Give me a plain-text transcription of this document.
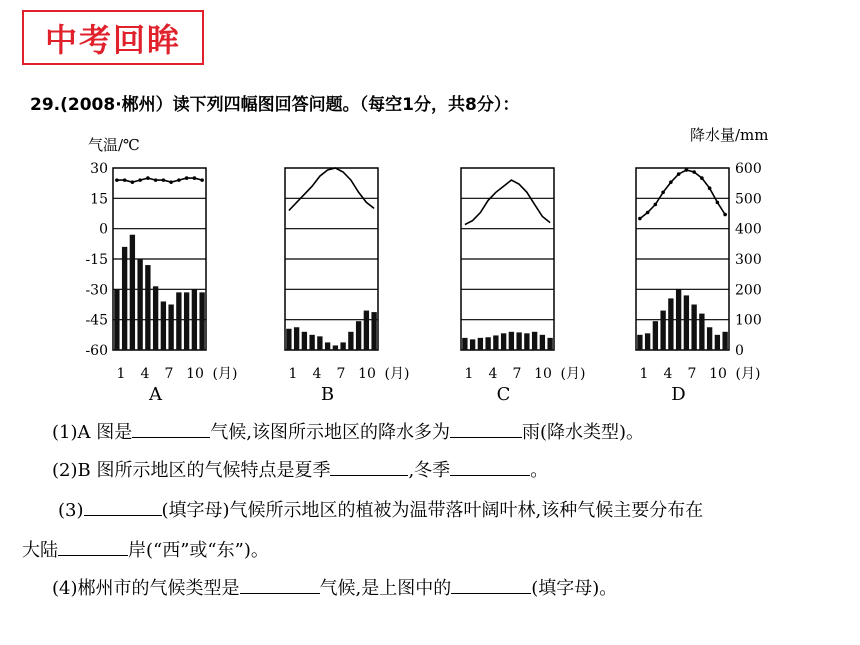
中考回眸
29.(2008·郴州）读下列四幅图回答问题。（每空1分，共8分）：
气温/℃
降水量/mm
30
15
0
-15
-30
-45
-60
600
500
400
300
200
100
0
1 4 7 10 (月)
A
1 4 7 10 (月)
B
1 4 7 10 (月)
C
1 4 7 10 (月)
D
(1)A 图是	气候,该图所示地区的降水多为	雨(降水类型)。
(2)B 图所示地区的气候特点是夏季	,冬季	。
(3)	(填字母)气候所示地区的植被为温带落叶阔叶林,该种气候主要分布在
大陆	岸(“西”或“东”)。
(4)郴州市的气候类型是	气候,是上图中的	(填字母)。
